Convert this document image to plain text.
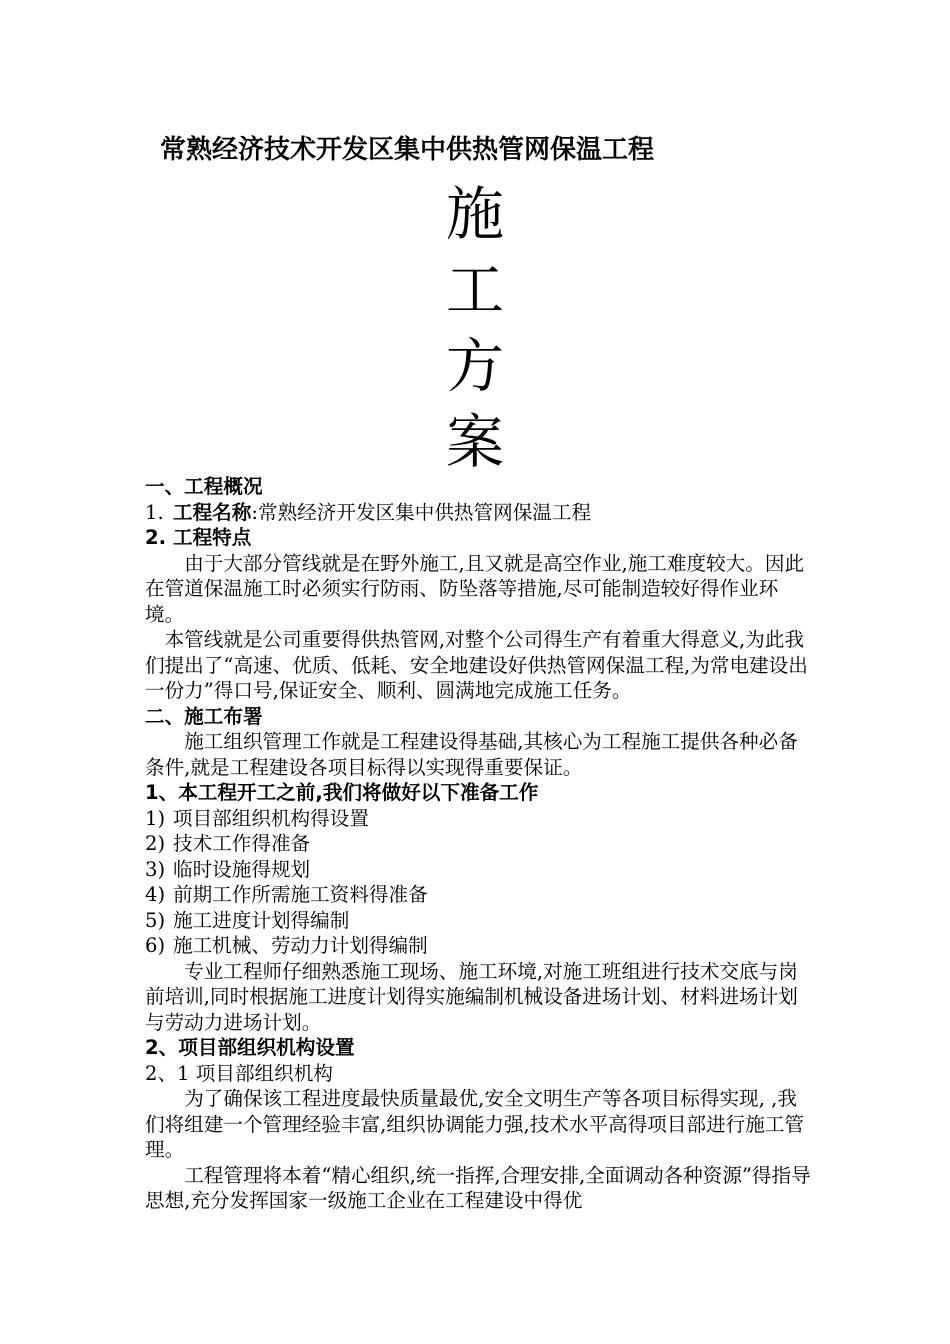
常熟经济技术开发区集中供热管网保温工程
施
工
方
案

一、工程概况

1. 工程名称:常熟经济开发区集中供热管网保温工程

2. 工程特点

由于大部分管线就是在野外施工,且又就是高空作业,施工难度较大。因此在管道保温施工时必须实行防雨、防坠落等措施,尽可能制造较好得作业环境。

本管线就是公司重要得供热管网,对整个公司得生产有着重大得意义,为此我们提出了“高速、优质、低耗、安全地建设好供热管网保温工程,为常电建设出一份力”得口号,保证安全、顺利、圆满地完成施工任务。

二、施工布署

施工组织管理工作就是工程建设得基础,其核心为工程施工提供各种必备条件,就是工程建设各项目标得以实现得重要保证。

1、本工程开工之前,我们将做好以下准备工作

1) 项目部组织机构得设置

2) 技术工作得准备

3) 临时设施得规划

4) 前期工作所需施工资料得准备

5) 施工进度计划得编制

6) 施工机械、劳动力计划得编制

专业工程师仔细熟悉施工现场、施工环境,对施工班组进行技术交底与岗前培训,同时根据施工进度计划得实施编制机械设备进场计划、材料进场计划与劳动力进场计划。

2、项目部组织机构设置

2、1 项目部组织机构

为了确保该工程进度最快质量最优,安全文明生产等各项目标得实现, ,我们将组建一个管理经验丰富,组织协调能力强,技术水平高得项目部进行施工管理。

工程管理将本着“精心组织,统一指挥,合理安排,全面调动各种资源”得指导思想,充分发挥国家一级施工企业在工程建设中得优
